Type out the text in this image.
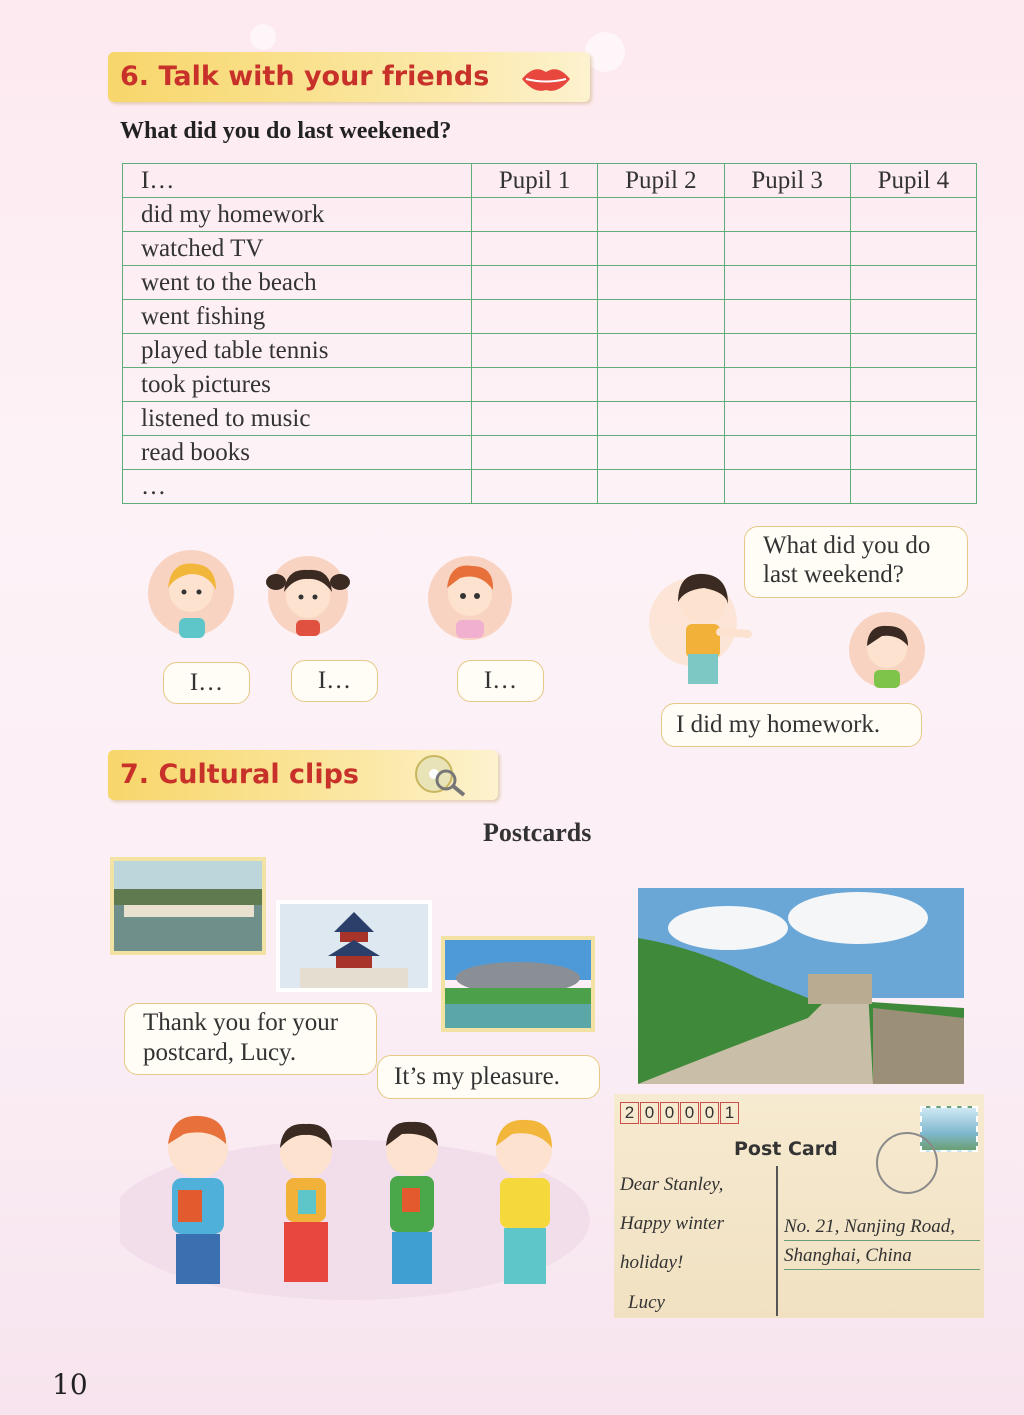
6. Talk with your friends
What did you do last weekened?
I…	Pupil 1	Pupil 2	Pupil 3	Pupil 4
did my homework				
watched TV				
went to the beach				
went fishing				
played table tennis				
took pictures				
listened to music				
read books				
…				
I…	I…	I…
What did you do last weekend?
I did my homework.
7. Cultural clips
Postcards
Thank you for your postcard, Lucy.
It’s my pleasure.
2 0 0 0 0 1
Post Card
Dear Stanley,
Happy winter
holiday!
Lucy
No. 21, Nanjing Road,
Shanghai, China
10
